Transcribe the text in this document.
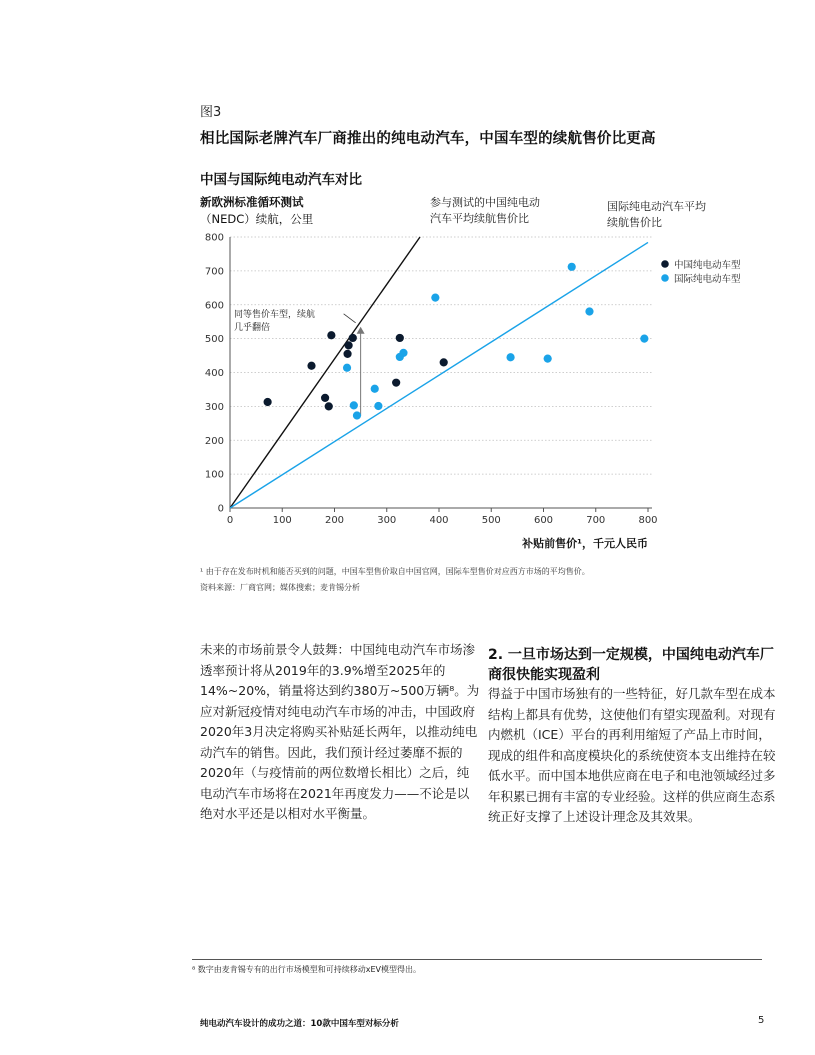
图3
相比国际老牌汽车厂商推出的纯电动汽车，中国车型的续航售价比更高
中国与国际纯电动汽车对比
新欧洲标准循环测试
（NEDC）续航，公里
0
100
200
300
400
500
600
700
800
0	100	200	300	400	500	600	700	800
补贴前售价¹，千元人民币
同等售价车型，续航
几乎翻倍
参与测试的中国纯电动
汽车平均续航售价比
国际纯电动汽车平均
续航售价比
中国纯电动车型
国际纯电动车型
¹ 由于存在发布时机和能否买到的问题，中国车型售价取自中国官网，国际车型售价对应西方市场的平均售价。
资料来源：厂商官网；媒体搜索；麦肯锡分析

未来的市场前景令人鼓舞：中国纯电动汽车市场渗透率预计将从2019年的3.9%增至2025年的14%~20%，销量将达到约380万~500万辆⁸。为应对新冠疫情对纯电动汽车市场的冲击，中国政府2020年3月决定将购买补贴延长两年，以推动纯电动汽车的销售。因此，我们预计经过萎靡不振的2020年（与疫情前的两位数增长相比）之后，纯电动汽车市场将在2021年再度发力——不论是以绝对水平还是以相对水平衡量。

2. 一旦市场达到一定规模，中国纯电动汽车厂商很快能实现盈利
得益于中国市场独有的一些特征，好几款车型在成本结构上都具有优势，这使他们有望实现盈利。对现有内燃机（ICE）平台的再利用缩短了产品上市时间，现成的组件和高度模块化的系统使资本支出维持在较低水平。而中国本地供应商在电子和电池领域经过多年积累已拥有丰富的专业经验。这样的供应商生态系统正好支撑了上述设计理念及其效果。
⁸ 数字由麦肯锡专有的出行市场模型和可持续移动xEV模型得出。
纯电动汽车设计的成功之道：10款中国车型对标分析	5
